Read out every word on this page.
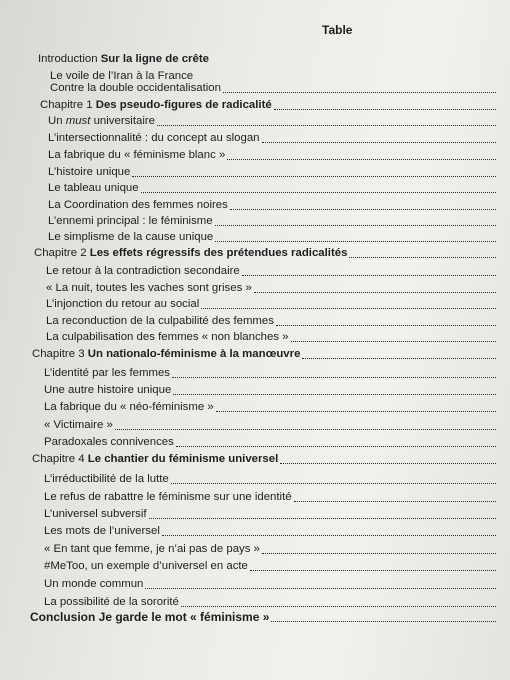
Table
Introduction Sur la ligne de crête
Le voile de l’Iran à la France
Contre la double occidentalisation
Chapitre 1 Des pseudo-figures de radicalité
Un must universitaire
L’intersectionnalité : du concept au slogan
La fabrique du « féminisme blanc »
L’histoire unique
Le tableau unique
La Coordination des femmes noires
L’ennemi principal : le féminisme
Le simplisme de la cause unique
Chapitre 2 Les effets régressifs des prétendues radicalités
Le retour à la contradiction secondaire
« La nuit, toutes les vaches sont grises »
L’injonction du retour au social
La reconduction de la culpabilité des femmes
La culpabilisation des femmes « non blanches »
Chapitre 3 Un nationalo-féminisme à la manœuvre
L’identité par les femmes
Une autre histoire unique
La fabrique du « néo-féminisme »
« Victimaire »
Paradoxales connivences
Chapitre 4 Le chantier du féminisme universel
L’irréductibilité de la lutte
Le refus de rabattre le féminisme sur une identité
L’universel subversif
Les mots de l’universel
« En tant que femme, je n’ai pas de pays »
#MeToo, un exemple d’universel en acte
Un monde commun
La possibilité de la sororité
Conclusion Je garde le mot « féminisme »
